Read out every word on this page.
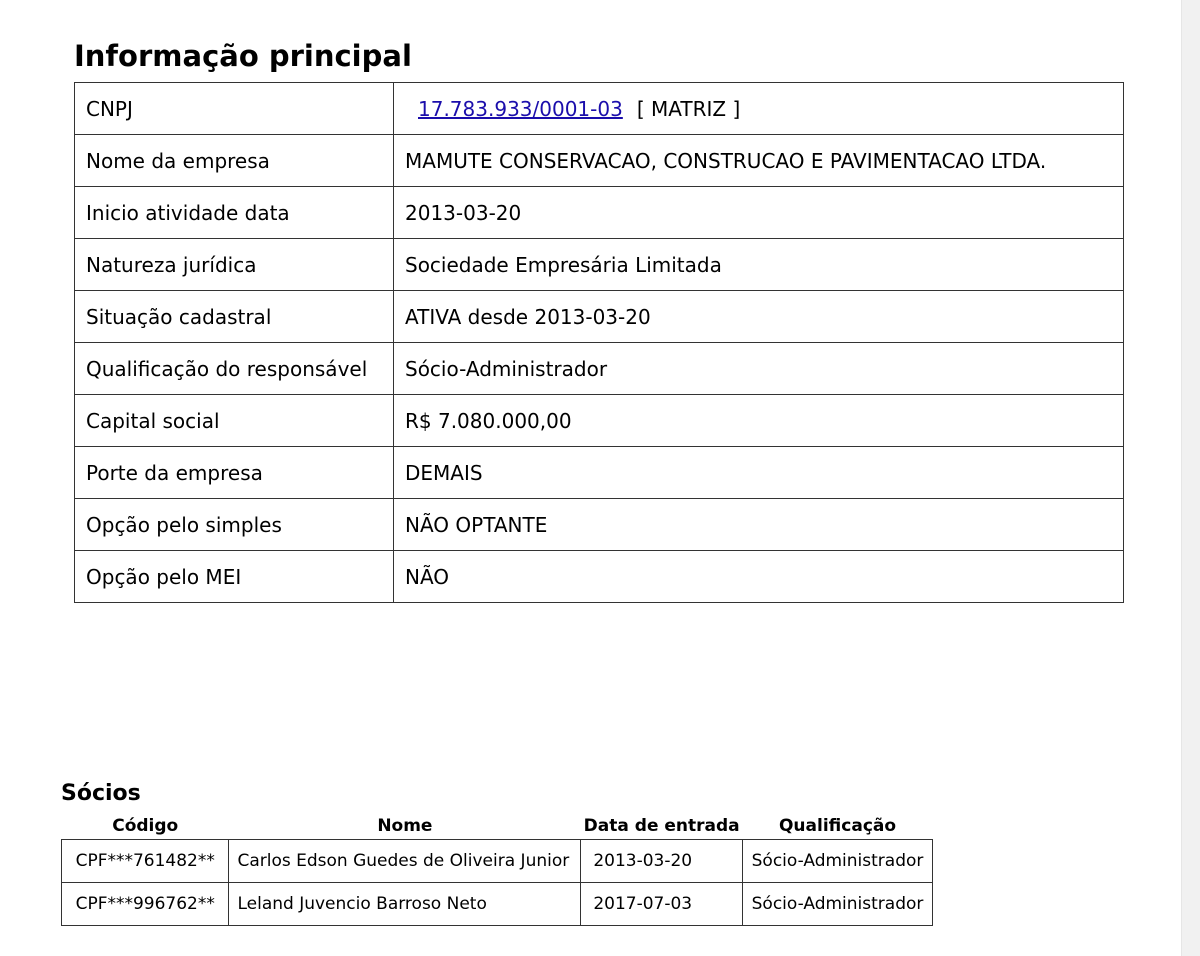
Informação principal
CNPJ	17.783.933/0001-03 [ MATRIZ ]
Nome da empresa	MAMUTE CONSERVACAO, CONSTRUCAO E PAVIMENTACAO LTDA.
Inicio atividade data	2013-03-20
Natureza jurídica	Sociedade Empresária Limitada
Situação cadastral	ATIVA desde 2013-03-20
Qualificação do responsável	Sócio-Administrador
Capital social	R$ 7.080.000,00
Porte da empresa	DEMAIS
Opção pelo simples	NÃO OPTANTE
Opção pelo MEI	NÃO
Sócios
Código	Nome	Data de entrada	Qualificação
CPF***761482**	Carlos Edson Guedes de Oliveira Junior	2013-03-20	Sócio-Administrador
CPF***996762**	Leland Juvencio Barroso Neto	2017-07-03	Sócio-Administrador
